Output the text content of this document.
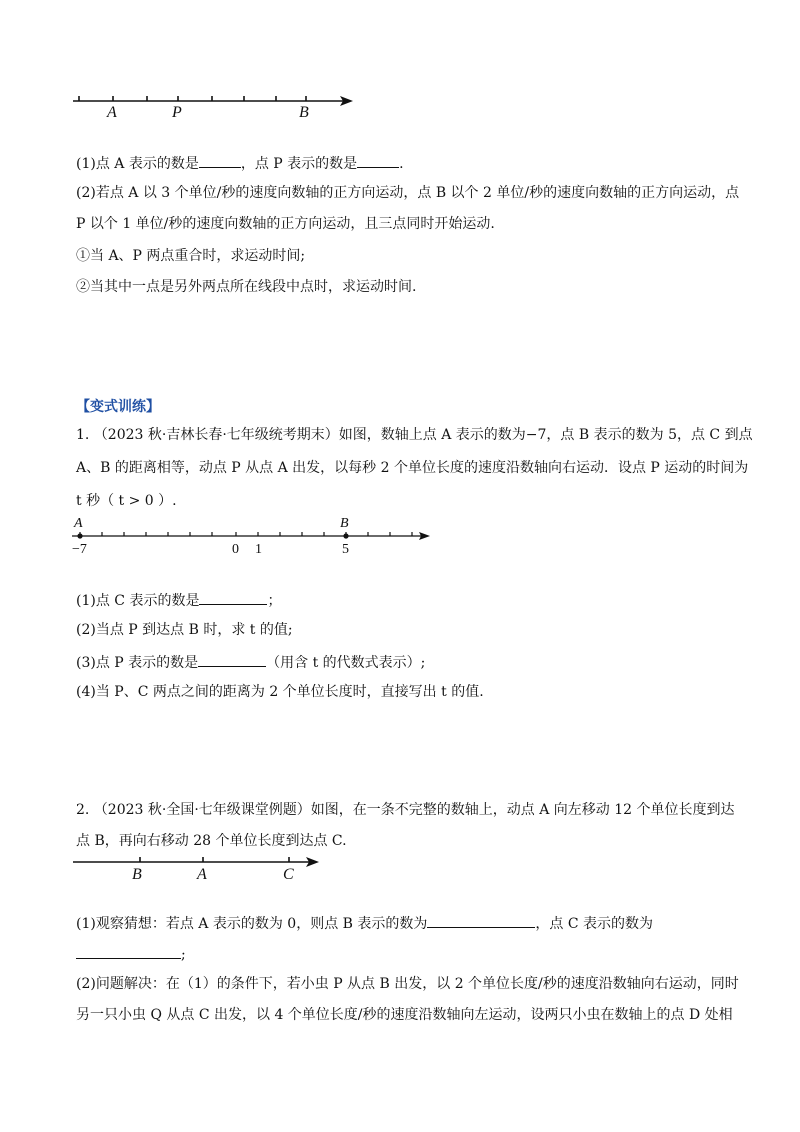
A	P	B
(1)点 A 表示的数是	，点 P 表示的数是	.
(2)若点 A 以 3 个单位/秒的速度向数轴的正方向运动，点 B 以个 2 单位/秒的速度向数轴的正方向运动，点
P 以个 1 单位/秒的速度向数轴的正方向运动，且三点同时开始运动.
①当 A、P 两点重合时，求运动时间;
②当其中一点是另外两点所在线段中点时，求运动时间.
【变式训练】
1. （2023 秋·吉林长春·七年级统考期末）如图，数轴上点 A 表示的数为−7，点 B 表示的数为 5，点 C 到点
A、B 的距离相等，动点 P 从点 A 出发，以每秒 2 个单位长度的速度沿数轴向右运动．设点 P 运动的时间为
t 秒（ t > 0 ）.
A	B
−7	0 1	5
(1)点 C 表示的数是	；
(2)当点 P 到达点 B 时，求 t 的值;
(3)点 P 表示的数是	（用含 t 的代数式表示）;
(4)当 P、C 两点之间的距离为 2 个单位长度时，直接写出 t 的值.
2. （2023 秋·全国·七年级课堂例题）如图，在一条不完整的数轴上，动点 A 向左移动 12 个单位长度到达
点 B，再向右移动 28 个单位长度到达点 C.
B	A	C
(1)观察猜想：若点 A 表示的数为 0，则点 B 表示的数为	，点 C 表示的数为
;
(2)问题解决：在（1）的条件下，若小虫 P 从点 B 出发，以 2 个单位长度/秒的速度沿数轴向右运动，同时
另一只小虫 Q 从点 C 出发，以 4 个单位长度/秒的速度沿数轴向左运动，设两只小虫在数轴上的点 D 处相
